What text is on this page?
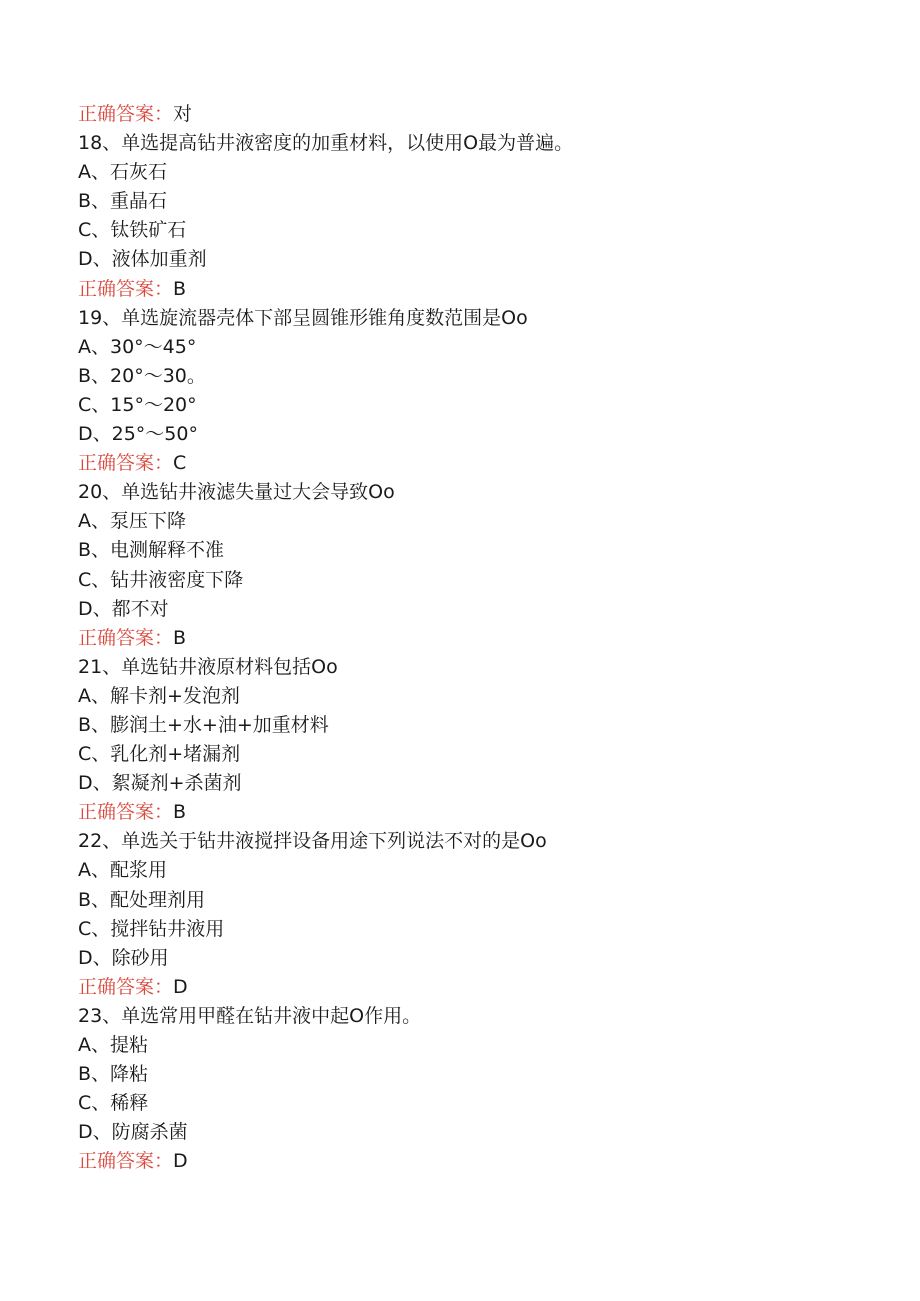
正确答案：对
18、单选提高钻井液密度的加重材料，以使用O最为普遍。
A、石灰石
B、重晶石
C、钛铁矿石
D、液体加重剂
正确答案：B
19、单选旋流器壳体下部呈圆锥形锥角度数范围是Oo
A、30°〜45°
B、20°〜30。
C、15°〜20°
D、25°〜50°
正确答案：C
20、单选钻井液滤失量过大会导致Oo
A、泵压下降
B、电测解释不准
C、钻井液密度下降
D、都不对
正确答案：B
21、单选钻井液原材料包括Oo
A、解卡剂+发泡剂
B、膨润土+水+油+加重材料
C、乳化剂+堵漏剂
D、絮凝剂+杀菌剂
正确答案：B
22、单选关于钻井液搅拌设备用途下列说法不对的是Oo
A、配浆用
B、配处理剂用
C、搅拌钻井液用
D、除砂用
正确答案：D
23、单选常用甲醛在钻井液中起O作用。
A、提粘
B、降粘
C、稀释
D、防腐杀菌
正确答案：D
